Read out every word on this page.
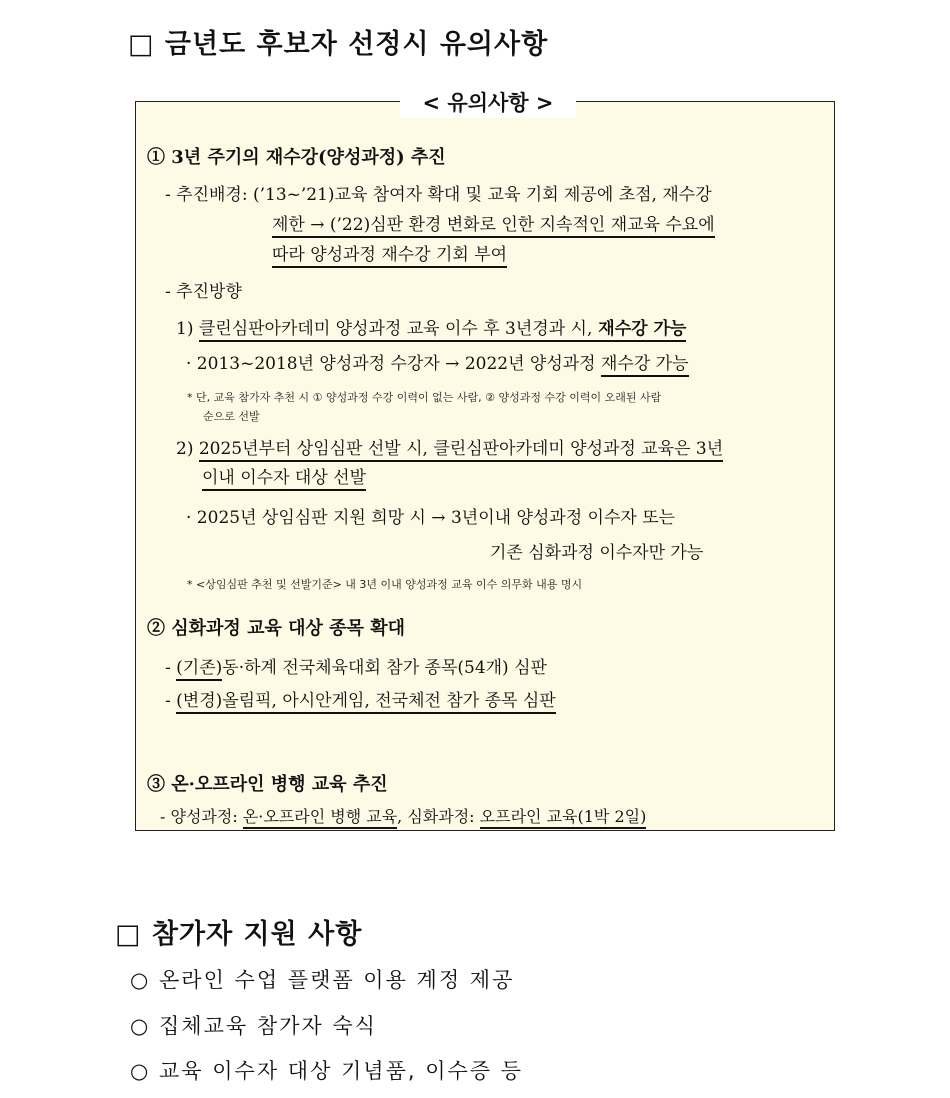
□ 금년도 후보자 선정시 유의사항
< 유의사항 >
① 3년 주기의 재수강(양성과정) 추진
- 추진배경: (’13~’21)교육 참여자 확대 및 교육 기회 제공에 초점, 재수강
제한 → (’22)심판 환경 변화로 인한 지속적인 재교육 수요에
따라 양성과정 재수강 기회 부여
- 추진방향
1) 클린심판아카데미 양성과정 교육 이수 후 3년경과 시, 재수강 가능
· 2013~2018년 양성과정 수강자 → 2022년 양성과정 재수강 가능
* 단, 교육 참가자 추천 시 ① 양성과정 수강 이력이 없는 사람, ② 양성과정 수강 이력이 오래된 사람
순으로 선발
2) 2025년부터 상임심판 선발 시, 클린심판아카데미 양성과정 교육은 3년
이내 이수자 대상 선발
· 2025년 상임심판 지원 희망 시 → 3년이내 양성과정 이수자 또는
기존 심화과정 이수자만 가능
* <상임심판 추천 및 선발기준> 내 3년 이내 양성과정 교육 이수 의무화 내용 명시
② 심화과정 교육 대상 종목 확대
- (기존)동·하계 전국체육대회 참가 종목(54개) 심판
- (변경)올림픽, 아시안게임, 전국체전 참가 종목 심판
③ 온·오프라인 병행 교육 추진
- 양성과정: 온·오프라인 병행 교육, 심화과정: 오프라인 교육(1박 2일)
□ 참가자 지원 사항
○ 온라인 수업 플랫폼 이용 계정 제공
○ 집체교육 참가자 숙식
○ 교육 이수자 대상 기념품, 이수증 등
